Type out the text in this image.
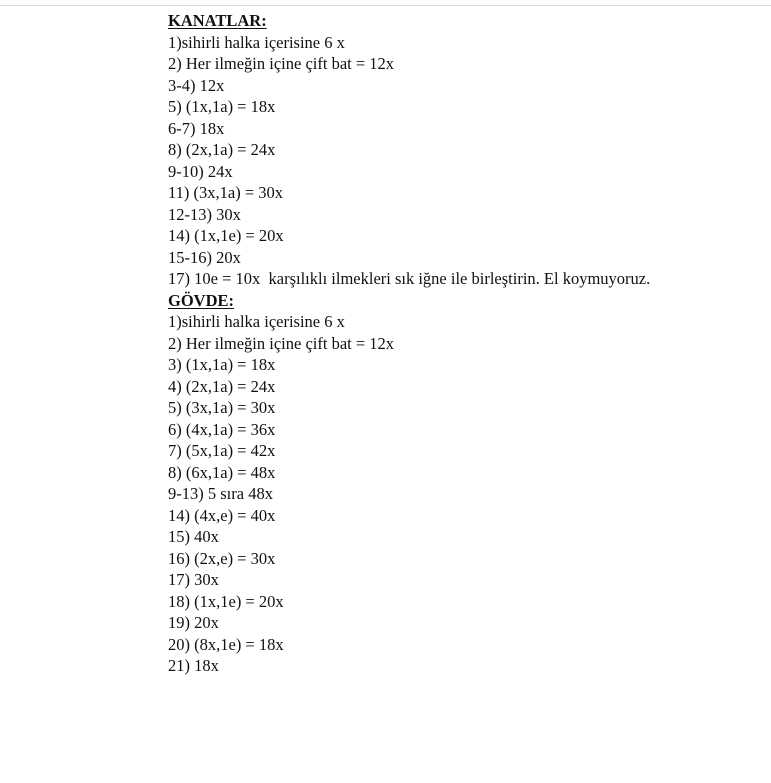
KANATLAR:

1)sihirli halka içerisine 6 x

2) Her ilmeğin içine çift bat = 12x

3-4) 12x

5) (1x,1a) = 18x

6-7) 18x

8) (2x,1a) = 24x

9-10) 24x

11) (3x,1a) = 30x

12-13) 30x

14) (1x,1e) = 20x

15-16) 20x

17) 10e = 10x  karşılıklı ilmekleri sık iğne ile birleştirin. El koymuyoruz.

GÖVDE:

1)sihirli halka içerisine 6 x

2) Her ilmeğin içine çift bat = 12x

3) (1x,1a) = 18x

4) (2x,1a) = 24x

5) (3x,1a) = 30x

6) (4x,1a) = 36x

7) (5x,1a) = 42x

8) (6x,1a) = 48x

9-13) 5 sıra 48x

14) (4x,e) = 40x

15) 40x

16) (2x,e) = 30x

17) 30x

18) (1x,1e) = 20x

19) 20x

20) (8x,1e) = 18x

21) 18x
